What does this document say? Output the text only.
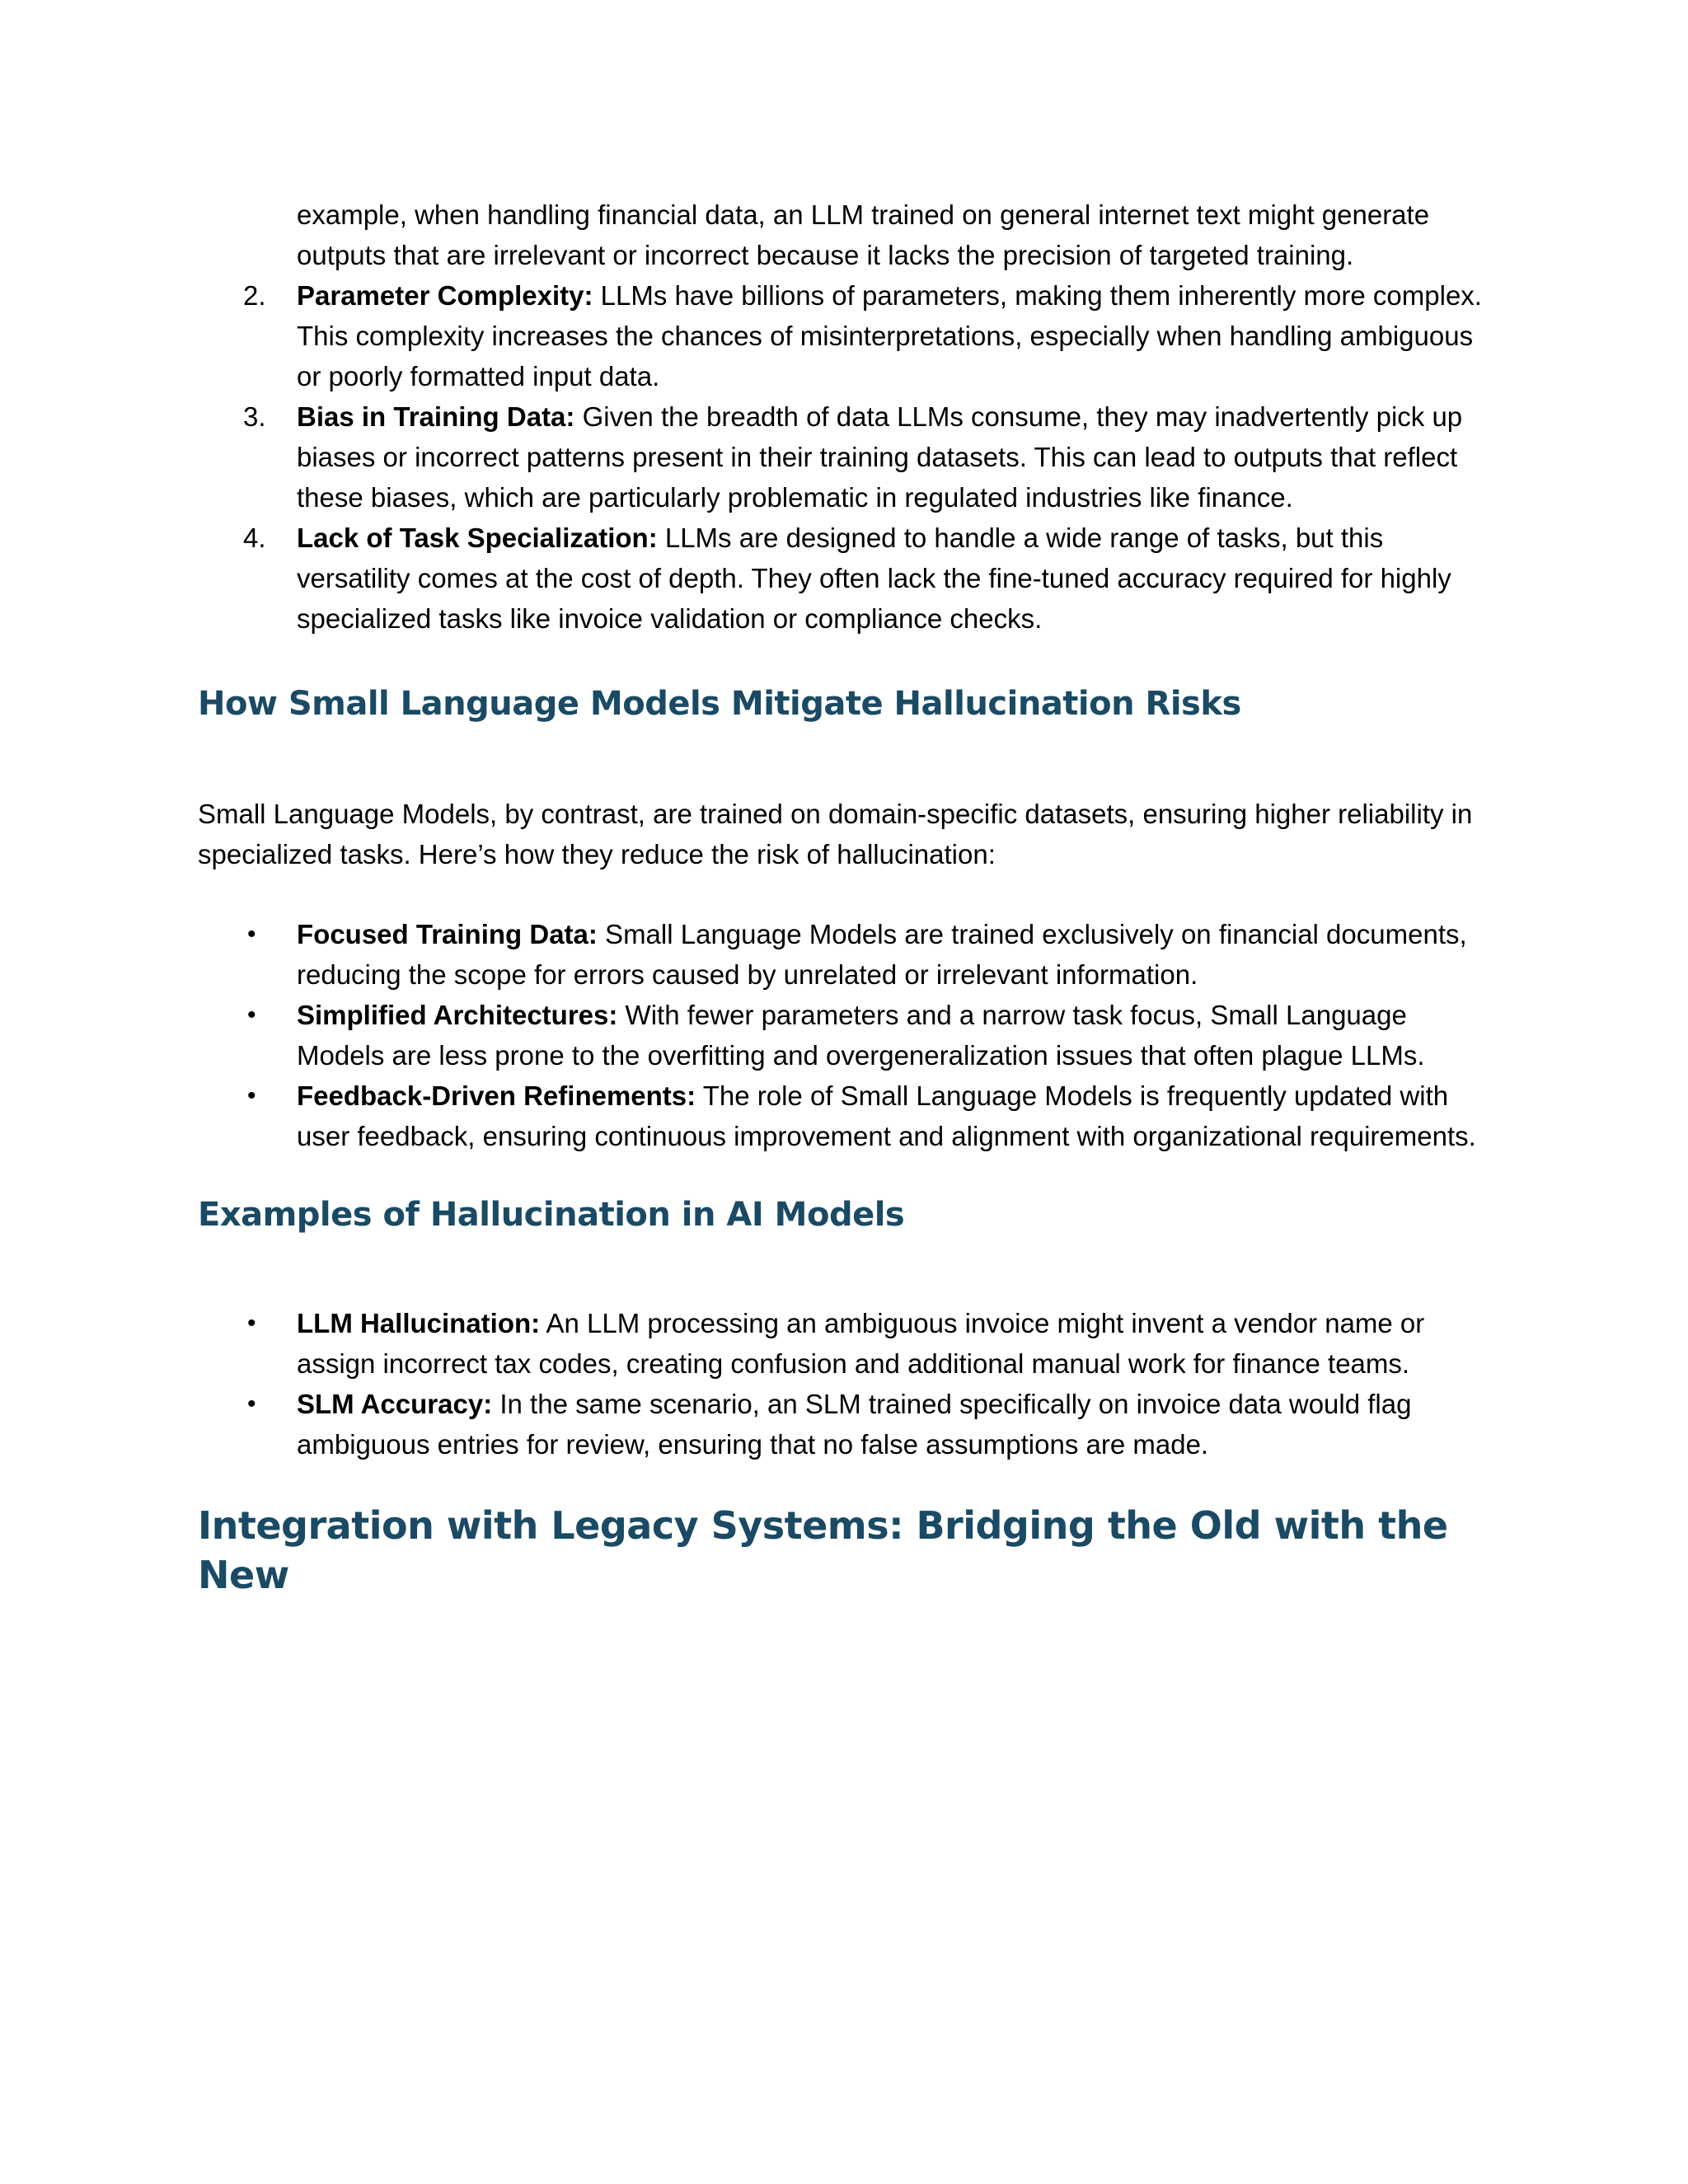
example, when handling financial data, an LLM trained on general internet text might generate outputs that are irrelevant or incorrect because it lacks the precision of targeted training.
2. Parameter Complexity: LLMs have billions of parameters, making them inherently more complex. This complexity increases the chances of misinterpretations, especially when handling ambiguous or poorly formatted input data.
3. Bias in Training Data: Given the breadth of data LLMs consume, they may inadvertently pick up biases or incorrect patterns present in their training datasets. This can lead to outputs that reflect these biases, which are particularly problematic in regulated industries like finance.
4. Lack of Task Specialization: LLMs are designed to handle a wide range of tasks, but this versatility comes at the cost of depth. They often lack the fine-tuned accuracy required for highly specialized tasks like invoice validation or compliance checks.
How Small Language Models Mitigate Hallucination Risks

Small Language Models, by contrast, are trained on domain-specific datasets, ensuring higher reliability in specialized tasks. Here’s how they reduce the risk of hallucination:

• Focused Training Data: Small Language Models are trained exclusively on financial documents, reducing the scope for errors caused by unrelated or irrelevant information.
• Simplified Architectures: With fewer parameters and a narrow task focus, Small Language Models are less prone to the overfitting and overgeneralization issues that often plague LLMs.
• Feedback-Driven Refinements: The role of Small Language Models is frequently updated with user feedback, ensuring continuous improvement and alignment with organizational requirements.
Examples of Hallucination in AI Models
• LLM Hallucination: An LLM processing an ambiguous invoice might invent a vendor name or assign incorrect tax codes, creating confusion and additional manual work for finance teams.
• SLM Accuracy: In the same scenario, an SLM trained specifically on invoice data would flag ambiguous entries for review, ensuring that no false assumptions are made.
Integration with Legacy Systems: Bridging the Old with the New
